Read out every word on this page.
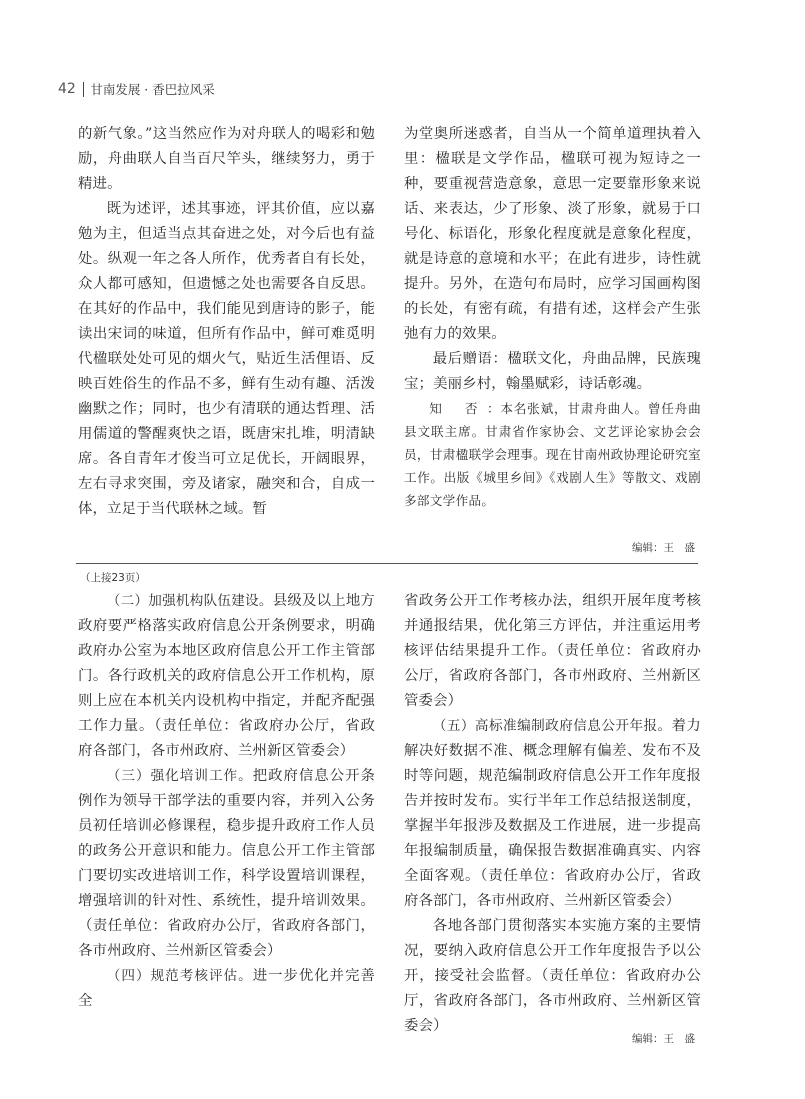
42 甘南发展 · 香巴拉风采

的新气象。”这当然应作为对舟联人的喝彩和勉励，舟曲联人自当百尺竿头，继续努力，勇于精进。

既为述评，述其事迹，评其价值，应以嘉勉为主，但适当点其奋进之处，对今后也有益处。纵观一年之各人所作，优秀者自有长处，众人都可感知，但遗憾之处也需要各自反思。在其好的作品中，我们能见到唐诗的影子，能读出宋词的味道，但所有作品中，鲜可难觅明代楹联处处可见的烟火气，贴近生活俚语、反映百姓俗生的作品不多，鲜有生动有趣、活泼幽默之作；同时，也少有清联的通达哲理、活用儒道的警醒爽快之语，既唐宋扎堆，明清缺席。各自青年才俊当可立足优长，开阔眼界，左右寻求突围，旁及诸家，融突和合，自成一体，立足于当代联林之域。暂

为堂奥所迷惑者，自当从一个简单道理执着入里：楹联是文学作品，楹联可视为短诗之一种，要重视营造意象，意思一定要靠形象来说话、来表达，少了形象、淡了形象，就易于口号化、标语化，形象化程度就是意象化程度，就是诗意的意境和水平；在此有进步，诗性就提升。另外，在造句布局时，应学习国画构图的长处，有密有疏，有措有述，这样会产生张弛有力的效果。

最后赠语：楹联文化，舟曲品牌，民族瑰宝；美丽乡村，翰墨赋彩，诗话彰魂。

知 否：本名张斌，甘肃舟曲人。曾任舟曲县文联主席。甘肃省作家协会、文艺评论家协会会员，甘肃楹联学会理事。现在甘南州政协理论研究室工作。出版《城里乡间》《戏剧人生》等散文、戏剧多部文学作品。

编辑：王　盛
（上接23页）

（二）加强机构队伍建设。县级及以上地方政府要严格落实政府信息公开条例要求，明确政府办公室为本地区政府信息公开工作主管部门。各行政机关的政府信息公开工作机构，原则上应在本机关内设机构中指定，并配齐配强工作力量。（责任单位：省政府办公厅，省政府各部门，各市州政府、兰州新区管委会）

（三）强化培训工作。把政府信息公开条例作为领导干部学法的重要内容，并列入公务员初任培训必修课程，稳步提升政府工作人员的政务公开意识和能力。信息公开工作主管部门要切实改进培训工作，科学设置培训课程，增强培训的针对性、系统性，提升培训效果。（责任单位：省政府办公厅，省政府各部门，各市州政府、兰州新区管委会）

（四）规范考核评估。进一步优化并完善全

省政务公开工作考核办法，组织开展年度考核并通报结果，优化第三方评估，并注重运用考核评估结果提升工作。（责任单位：省政府办公厅，省政府各部门，各市州政府、兰州新区管委会）

（五）高标准编制政府信息公开年报。着力解决好数据不准、概念理解有偏差、发布不及时等问题，规范编制政府信息公开工作年度报告并按时发布。实行半年工作总结报送制度，掌握半年报涉及数据及工作进展，进一步提高年报编制质量，确保报告数据准确真实、内容全面客观。（责任单位：省政府办公厅，省政府各部门，各市州政府、兰州新区管委会）

各地各部门贯彻落实本实施方案的主要情况，要纳入政府信息公开工作年度报告予以公开，接受社会监督。（责任单位：省政府办公厅，省政府各部门，各市州政府、兰州新区管委会）

编辑：王　盛
